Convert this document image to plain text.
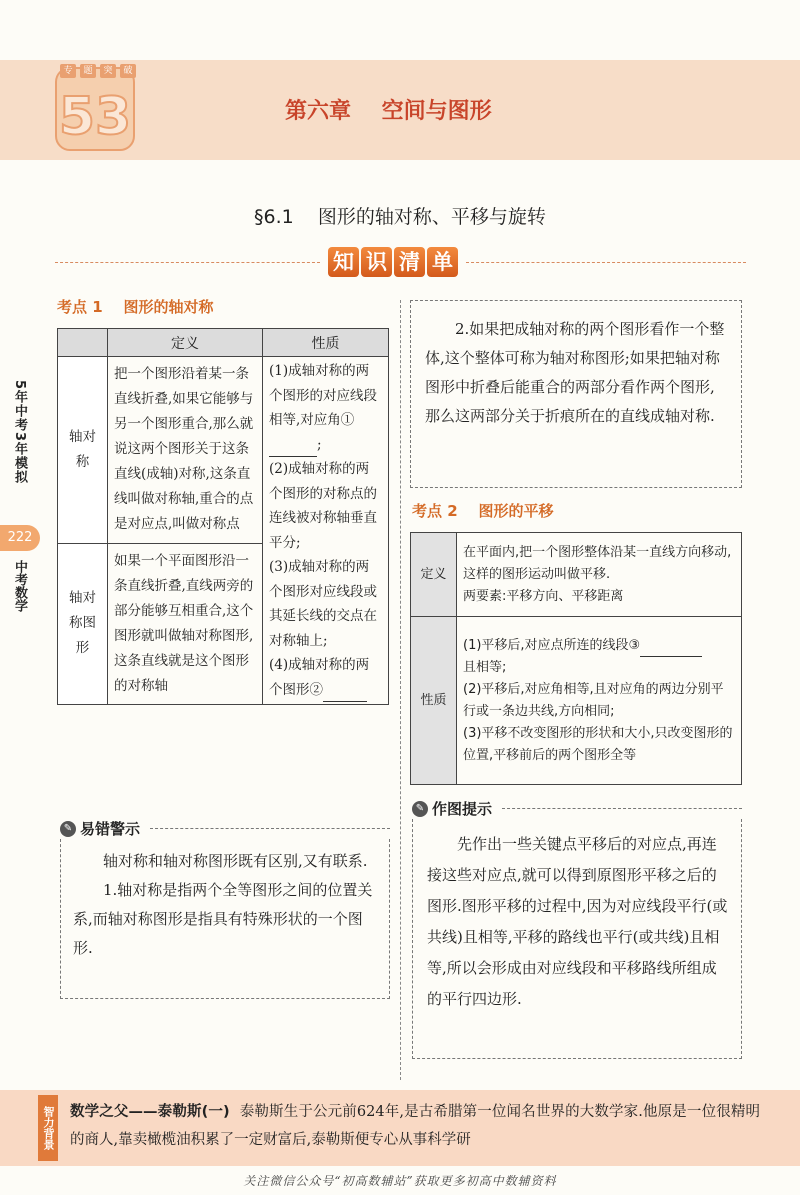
53
专	题	突	破
第六章    空间与图形
§6.1    图形的轴对称、平移与旋转
知 识 清 单
5年中考3年模拟
222
中考数学
考点 1    图形的轴对称
	定义	性质
轴对称	把一个图形沿着某一条直线折叠,如果它能够与另一个图形重合,那么就说这两个图形关于这条直线(成轴)对称,这条直线叫做对称轴,重合的点是对应点,叫做对称点	(1)成轴对称的两个图形的对应线段相等,对应角①;
(2)成轴对称的两个图形的对称点的连线被对称轴垂直平分;
(3)成轴对称的两个图形对应线段或其延长线的交点在对称轴上;
(4)成轴对称的两个图形②

轴对称图形	如果一个平面图形沿一条直线折叠,直线两旁的部分能够互相重合,这个图形就叫做轴对称图形,这条直线就是这个图形的对称轴	
✎ 易错警示

轴对称和轴对称图形既有区别,又有联系.

1.轴对称是指两个全等图形之间的位置关系,而轴对称图形是指具有特殊形状的一个图形.

2.如果把成轴对称的两个图形看作一个整体,这个整体可称为轴对称图形;如果把轴对称图形中折叠后能重合的两部分看作两个图形,那么这两部分关于折痕所在的直线成轴对称.

考点 2    图形的平移
定义	在平面内,把一个图形整体沿某一直线方向移动,这样的图形运动叫做平移.
两要素:平移方向、平移距离

性质	(1)平移后,对应点所连的线段③
且相等;
(2)平移后,对应角相等,且对应角的两边分别平行或一条边共线,方向相同;
(3)平移不改变图形的形状和大小,只改变图形的位置,平移前后的两个图形全等
✎ 作图提示

先作出一些关键点平移后的对应点,再连接这些对应点,就可以得到原图形平移之后的图形.图形平移的过程中,因为对应线段平行(或共线)且相等,平移的路线也平行(或共线)且相等,所以会形成由对应线段和平移路线所组成的平行四边形.

智力背景 数学之父——泰勒斯(一) 泰勒斯生于公元前624年,是古希腊第一位闻名世界的大数学家.他原是一位很精明的商人,靠卖橄榄油积累了一定财富后,泰勒斯便专心从事科学研
关注微信公众号“初高数辅站”获取更多初高中数辅资料
